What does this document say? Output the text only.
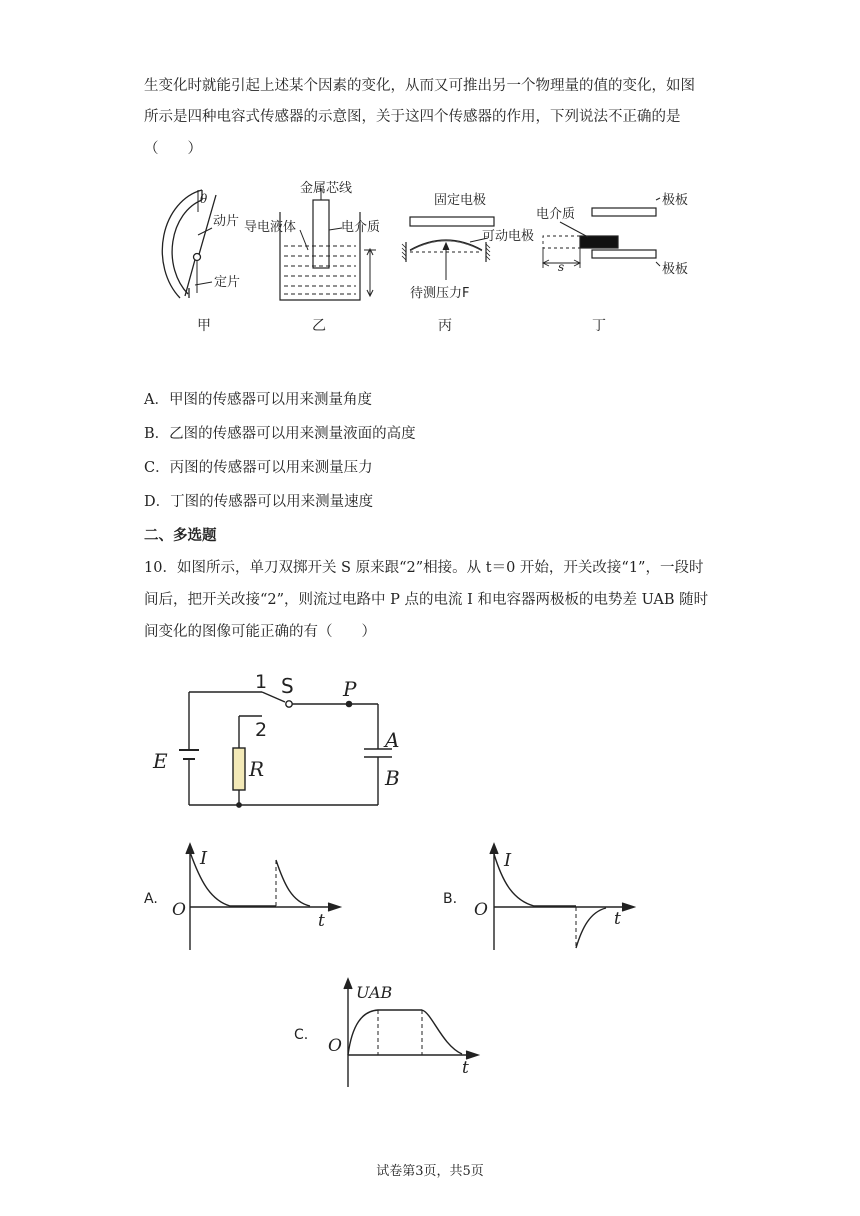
生变化时就能引起上述某个因素的变化，从而又可推出另一个物理量的值的变化，如图
所示是四种电容式传感器的示意图，关于这四个传感器的作用，下列说法不正确的是
（　　）
θ
动片
定片
甲
金属芯线
导电液体	电介质
乙
固定电极
可动电极
待测压力F
丙
电介质
极板
极板
s
丁
A．甲图的传感器可以用来测量角度
B．乙图的传感器可以用来测量液面的高度
C．丙图的传感器可以用来测量压力
D．丁图的传感器可以用来测量速度
二、多选题
10．如图所示，单刀双掷开关 S 原来跟“2”相接。从 t＝0 开始，开关改接“1”，一段时
间后，把开关改接“2”，则流过电路中 P 点的电流 I 和电容器两极板的电势差 UAB 随时
间变化的图像可能正确的有（　　）
E	R
1
2
S P
A
B
A.
I
O
t
B.
I
O	t
C.
UAB
O
t
试卷第3页，共5页
